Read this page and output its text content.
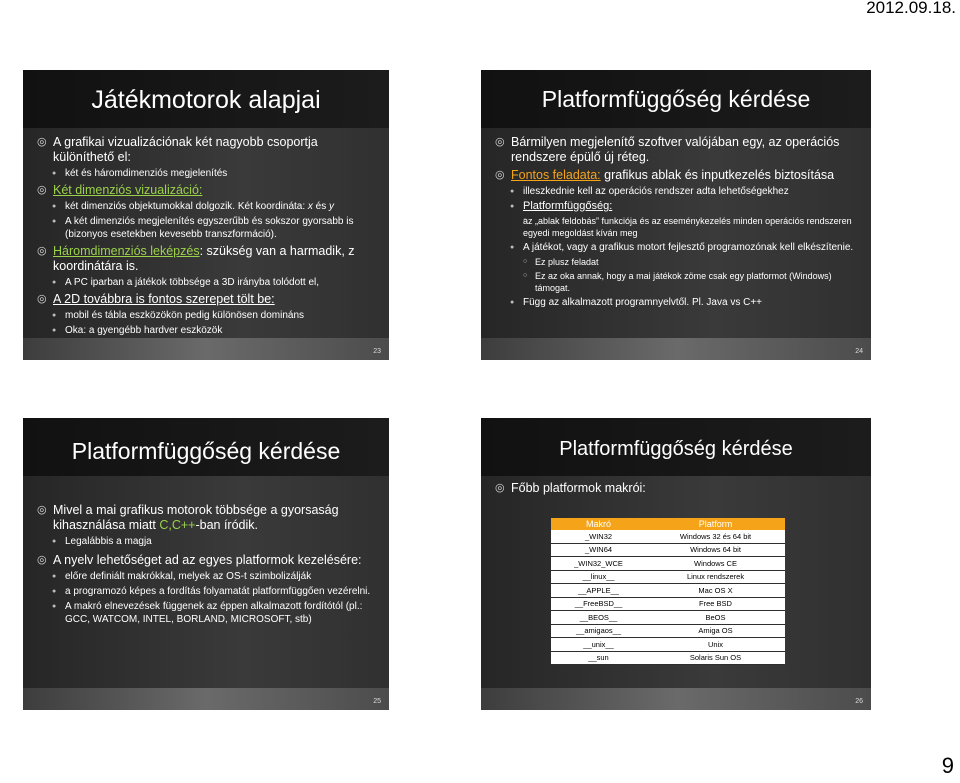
2012.09.18.
Játékmotorok alapjai
◎ A grafikai vizualizációnak két nagyobb csoportja különíthető el:
● két és háromdimenziós megjelenítés
◎ Két dimenziós vizualizáció:
● két dimenziós objektumokkal dolgozik. Két koordináta: x és y
● A két dimenziós megjelenítés egyszerűbb és sokszor gyorsabb is (bizonyos esetekben kevesebb transzformáció).
◎ Háromdimenziós leképzés: szükség van a harmadik, z koordinátára is.
● A PC iparban a játékok többsége a 3D irányba tolódott el,
◎ A 2D továbbra is fontos szerepet tölt be:
● mobil és tábla eszközökön pedig különösen domináns
● Oka: a gyengébb hardver eszközök
23
Platformfüggőség kérdése
◎ Bármilyen megjelenítő szoftver valójában egy, az operációs rendszere épülő új réteg.
◎ Fontos feladata: grafikus ablak és inputkezelés biztosítása
● illeszkednie kell az operációs rendszer adta lehetőségekhez
● Platformfüggőség:
○ az „ablak feldobás” funkciója és az eseménykezelés minden operációs rendszeren egyedi megoldást kíván meg
● A játékot, vagy a grafikus motort fejlesztő programozónak kell elkészítenie.
○ Ez plusz feladat
○ Ez az oka annak, hogy a mai játékok zöme csak egy platformot (Windows) támogat.
● Függ az alkalmazott programnyelvtől. Pl. Java vs C++
24
Platformfüggőség kérdése
◎ Mivel a mai grafikus motorok többsége a gyorsaság kihasználása miatt C,C++-ban íródik.
● Legalábbis a magja
◎ A nyelv lehetőséget ad az egyes platformok kezelésére:
● előre definiált makrókkal, melyek az OS-t szimbolizálják
● a programozó képes a fordítás folyamatát platformfüggően vezérelni.
● A makró elnevezések függenek az éppen alkalmazott fordítótól (pl.: GCC, WATCOM, INTEL, BORLAND, MICROSOFT, stb)
25
Platformfüggőség kérdése
◎ Főbb platformok makrói:
Makró	Platform
_WIN32	Windows 32 és 64 bit
_WIN64	Windows 64 bit
_WIN32_WCE	Windows CE
__linux__	Linux rendszerek
__APPLE__	Mac OS X
__FreeBSD__	Free BSD
__BEOS__	BeOS
__amigaos__	Amiga OS
__unix__	Unix
__sun	Solaris Sun OS
26
9
